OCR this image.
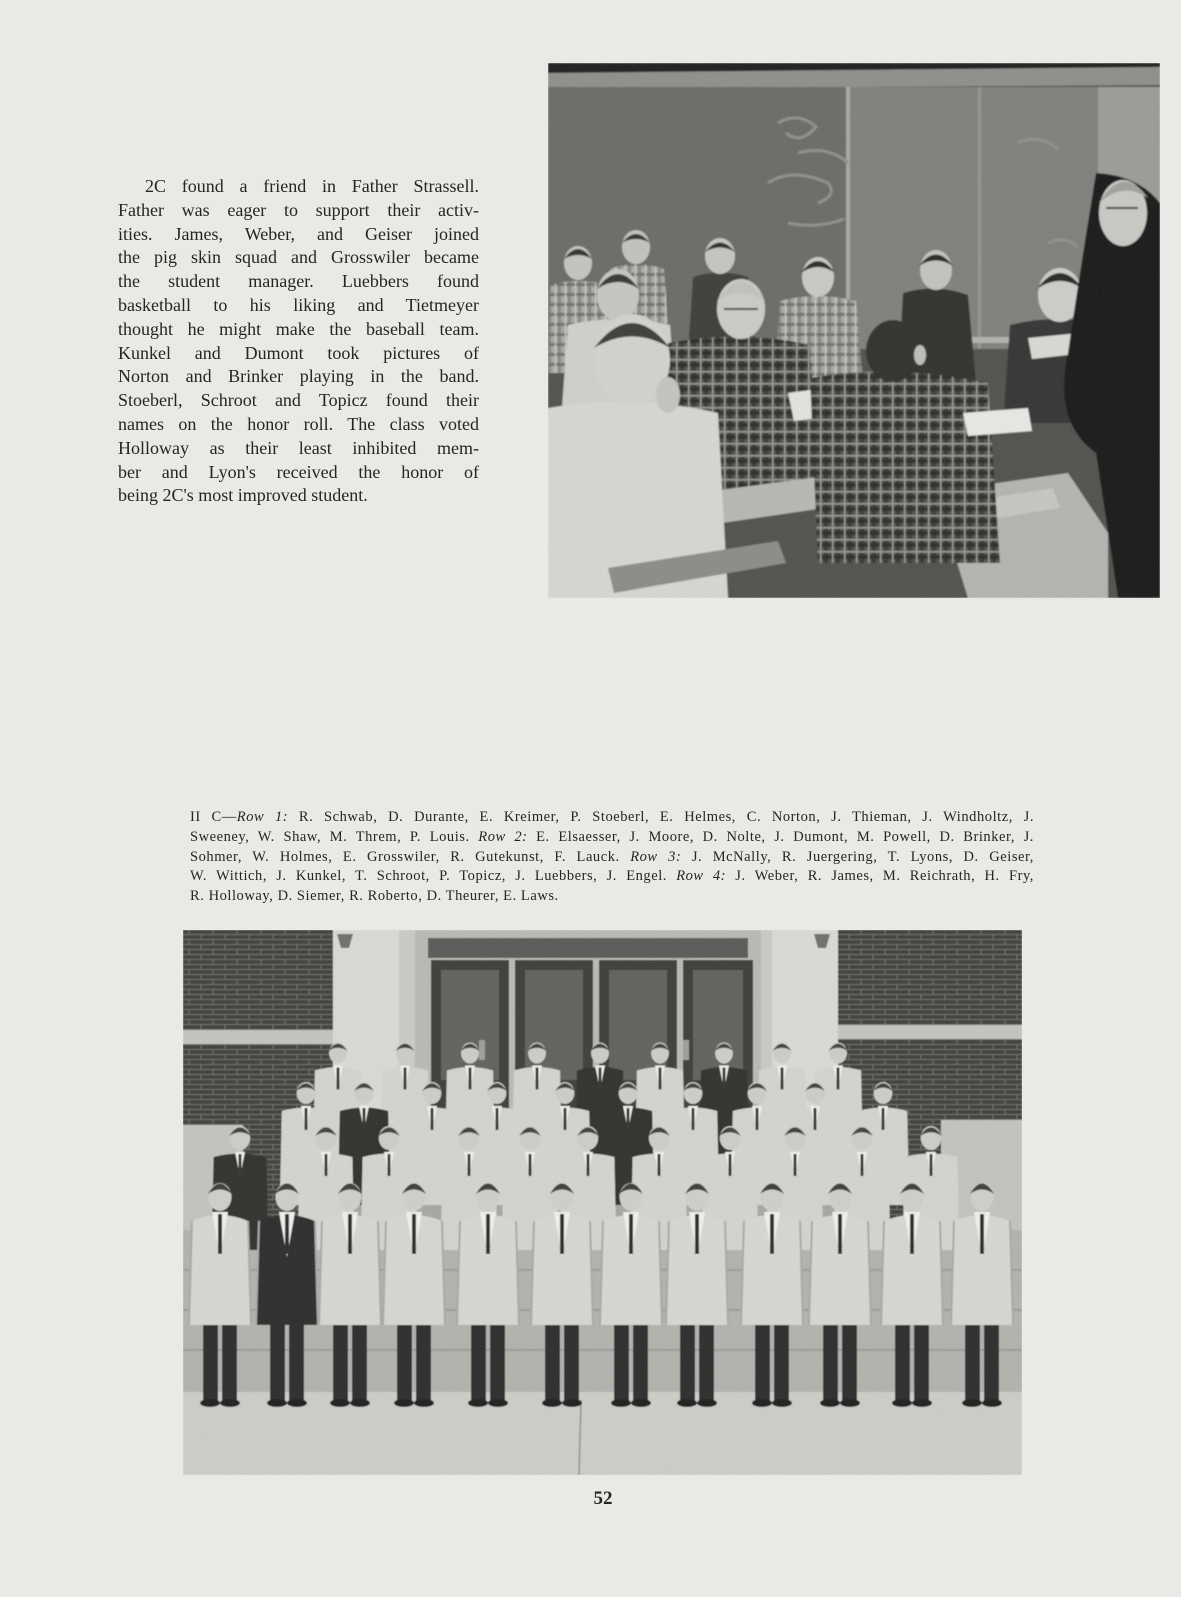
2C found a friend in Father Strassell.
Father was eager to support their activ-
ities. James, Weber, and Geiser joined
the pig skin squad and Grosswiler became
the student manager. Luebbers found
basketball to his liking and Tietmeyer
thought he might make the baseball team.
Kunkel and Dumont took pictures of
Norton and Brinker playing in the band.
Stoeberl, Schroot and Topicz found their
names on the honor roll. The class voted
Holloway as their least inhibited mem-
ber and Lyon's received the honor of
being 2C's most improved student.
II C—Row 1: R. Schwab, D. Durante, E. Kreimer, P. Stoeberl, E. Helmes, C. Norton, J. Thieman, J. Windholtz, J.
Sweeney, W. Shaw, M. Threm, P. Louis. Row 2: E. Elsaesser, J. Moore, D. Nolte, J. Dumont, M. Powell, D. Brinker, J.
Sohmer, W. Holmes, E. Grosswiler, R. Gutekunst, F. Lauck. Row 3: J. McNally, R. Juergering, T. Lyons, D. Geiser,
W. Wittich, J. Kunkel, T. Schroot, P. Topicz, J. Luebbers, J. Engel. Row 4: J. Weber, R. James, M. Reichrath, H. Fry,
R. Holloway, D. Siemer, R. Roberto, D. Theurer, E. Laws.
52
